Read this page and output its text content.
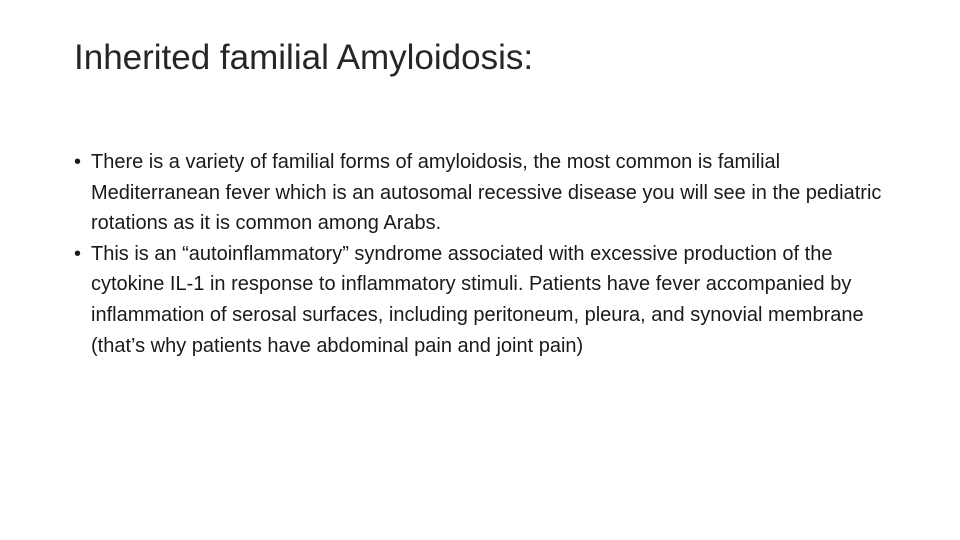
Inherited familial Amyloidosis:
• There is a variety of familial forms of amyloidosis, the most common is familial Mediterranean fever which is an autosomal recessive disease you will see in the pediatric rotations as it is common among Arabs.
• This is an “autoinflammatory” syndrome associated with excessive production of the cytokine IL-1 in response to inflammatory stimuli. Patients have fever accompanied by inflammation of serosal surfaces, including peritoneum, pleura, and synovial membrane (that’s why patients have abdominal pain and joint pain)
